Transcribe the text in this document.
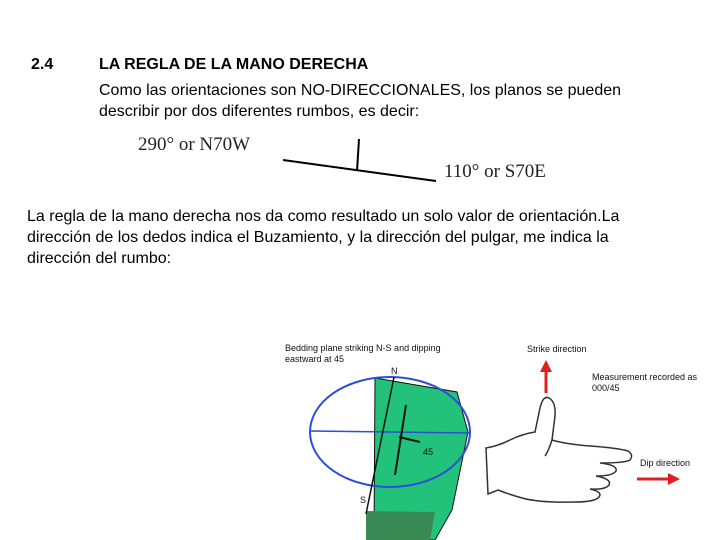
2.4	LA REGLA DE LA MANO DERECHA
Como las orientaciones son NO-DIRECCIONALES, los planos se pueden describir por dos diferentes rumbos, es decir:
290° or N70W
110° or S70E
La regla de la mano derecha nos da como resultado un solo valor de orientación.La dirección de los dedos indica el Buzamiento, y la dirección del pulgar, me indica la dirección del rumbo:
Bedding plane striking N-S and dipping eastward at 45
Strike direction
Measurement recorded as 000/45
Dip direction
N
S
45
